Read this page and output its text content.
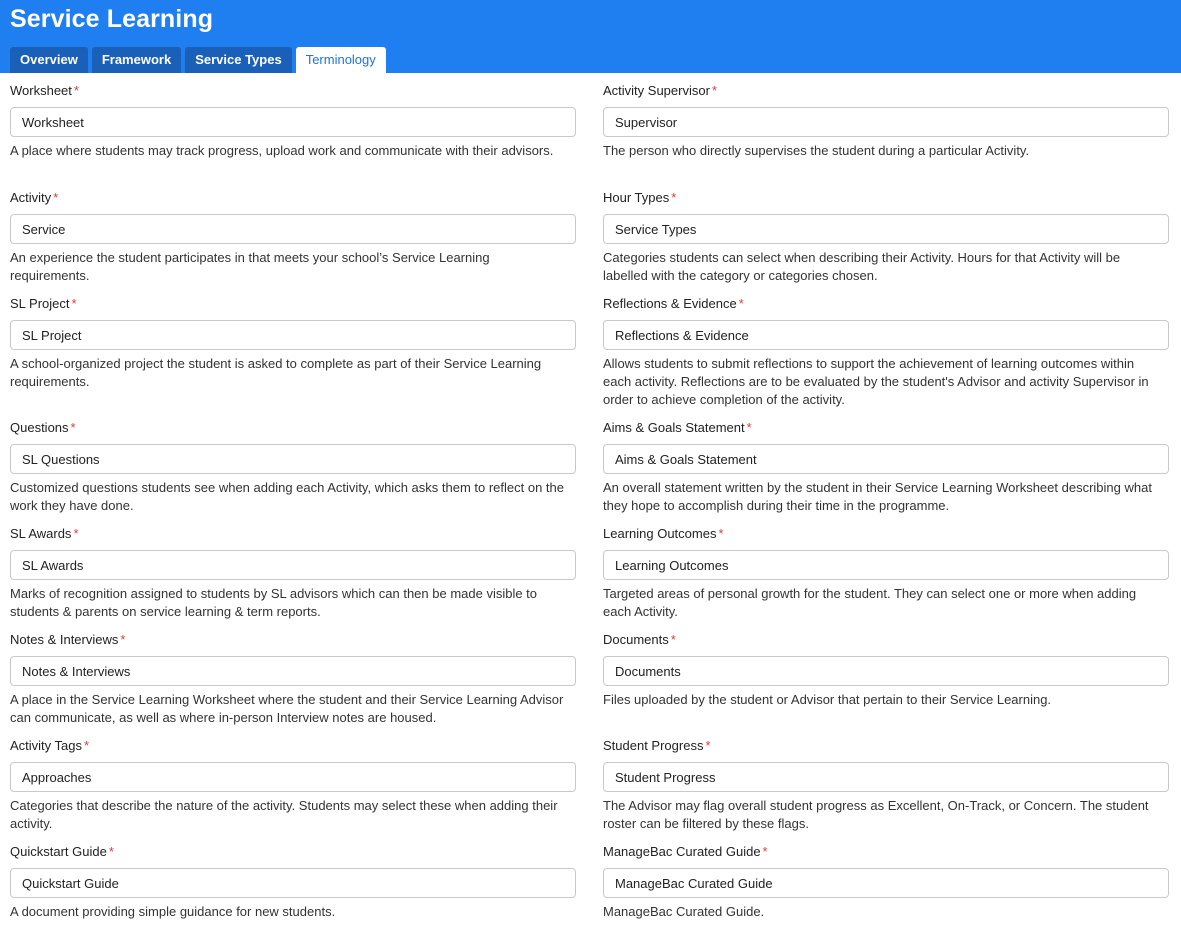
Service Learning
Overview	Framework	Service Types	Terminology
Worksheet *
Worksheet
A place where students may track progress, upload work and communicate with their advisors.
Activity *
Service
An experience the student participates in that meets your school’s Service Learning requirements.
SL Project *
SL Project
A school-organized project the student is asked to complete as part of their Service Learning requirements.
Questions *
SL Questions
Customized questions students see when adding each Activity, which asks them to reflect on the work they have done.
SL Awards *
SL Awards
Marks of recognition assigned to students by SL advisors which can then be made visible to students & parents on service learning & term reports.
Notes & Interviews *
Notes & Interviews
A place in the Service Learning Worksheet where the student and their Service Learning Advisor can communicate, as well as where in-person Interview notes are housed.
Activity Tags *
Approaches
Categories that describe the nature of the activity. Students may select these when adding their activity.
Quickstart Guide *
Quickstart Guide
A document providing simple guidance for new students.
Activity Supervisor *
Supervisor
The person who directly supervises the student during a particular Activity.
Hour Types *
Service Types
Categories students can select when describing their Activity. Hours for that Activity will be labelled with the category or categories chosen.
Reflections & Evidence *
Reflections & Evidence
Allows students to submit reflections to support the achievement of learning outcomes within each activity. Reflections are to be evaluated by the student's Advisor and activity Supervisor in order to achieve completion of the activity.
Aims & Goals Statement *
Aims & Goals Statement
An overall statement written by the student in their Service Learning Worksheet describing what they hope to accomplish during their time in the programme.
Learning Outcomes *
Learning Outcomes
Targeted areas of personal growth for the student. They can select one or more when adding each Activity.
Documents *
Documents
Files uploaded by the student or Advisor that pertain to their Service Learning.
Student Progress *
Student Progress
The Advisor may flag overall student progress as Excellent, On-Track, or Concern. The student roster can be filtered by these flags.
ManageBac Curated Guide *
ManageBac Curated Guide
ManageBac Curated Guide.
